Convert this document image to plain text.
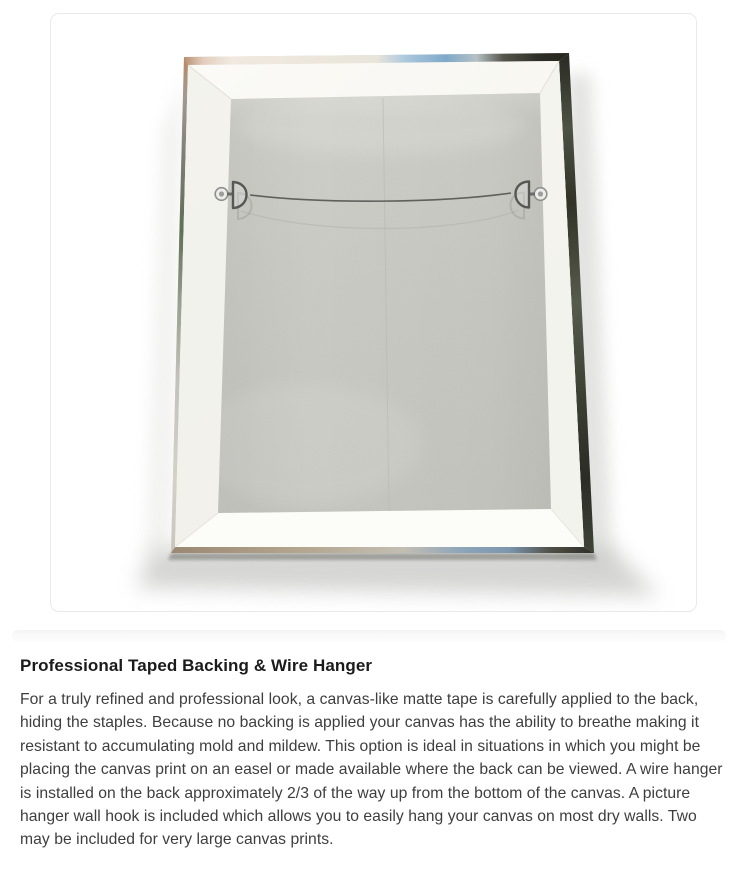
Professional Taped Backing & Wire Hanger

For a truly refined and professional look, a canvas-like matte tape is carefully applied to the back, hiding the staples. Because no backing is applied your canvas has the ability to breathe making it resistant to accumulating mold and mildew. This option is ideal in situations in which you might be placing the canvas print on an easel or made available where the back can be viewed. A wire hanger is installed on the back approximately 2/3 of the way up from the bottom of the canvas. A picture hanger wall hook is included which allows you to easily hang your canvas on most dry walls. Two may be included for very large canvas prints.
